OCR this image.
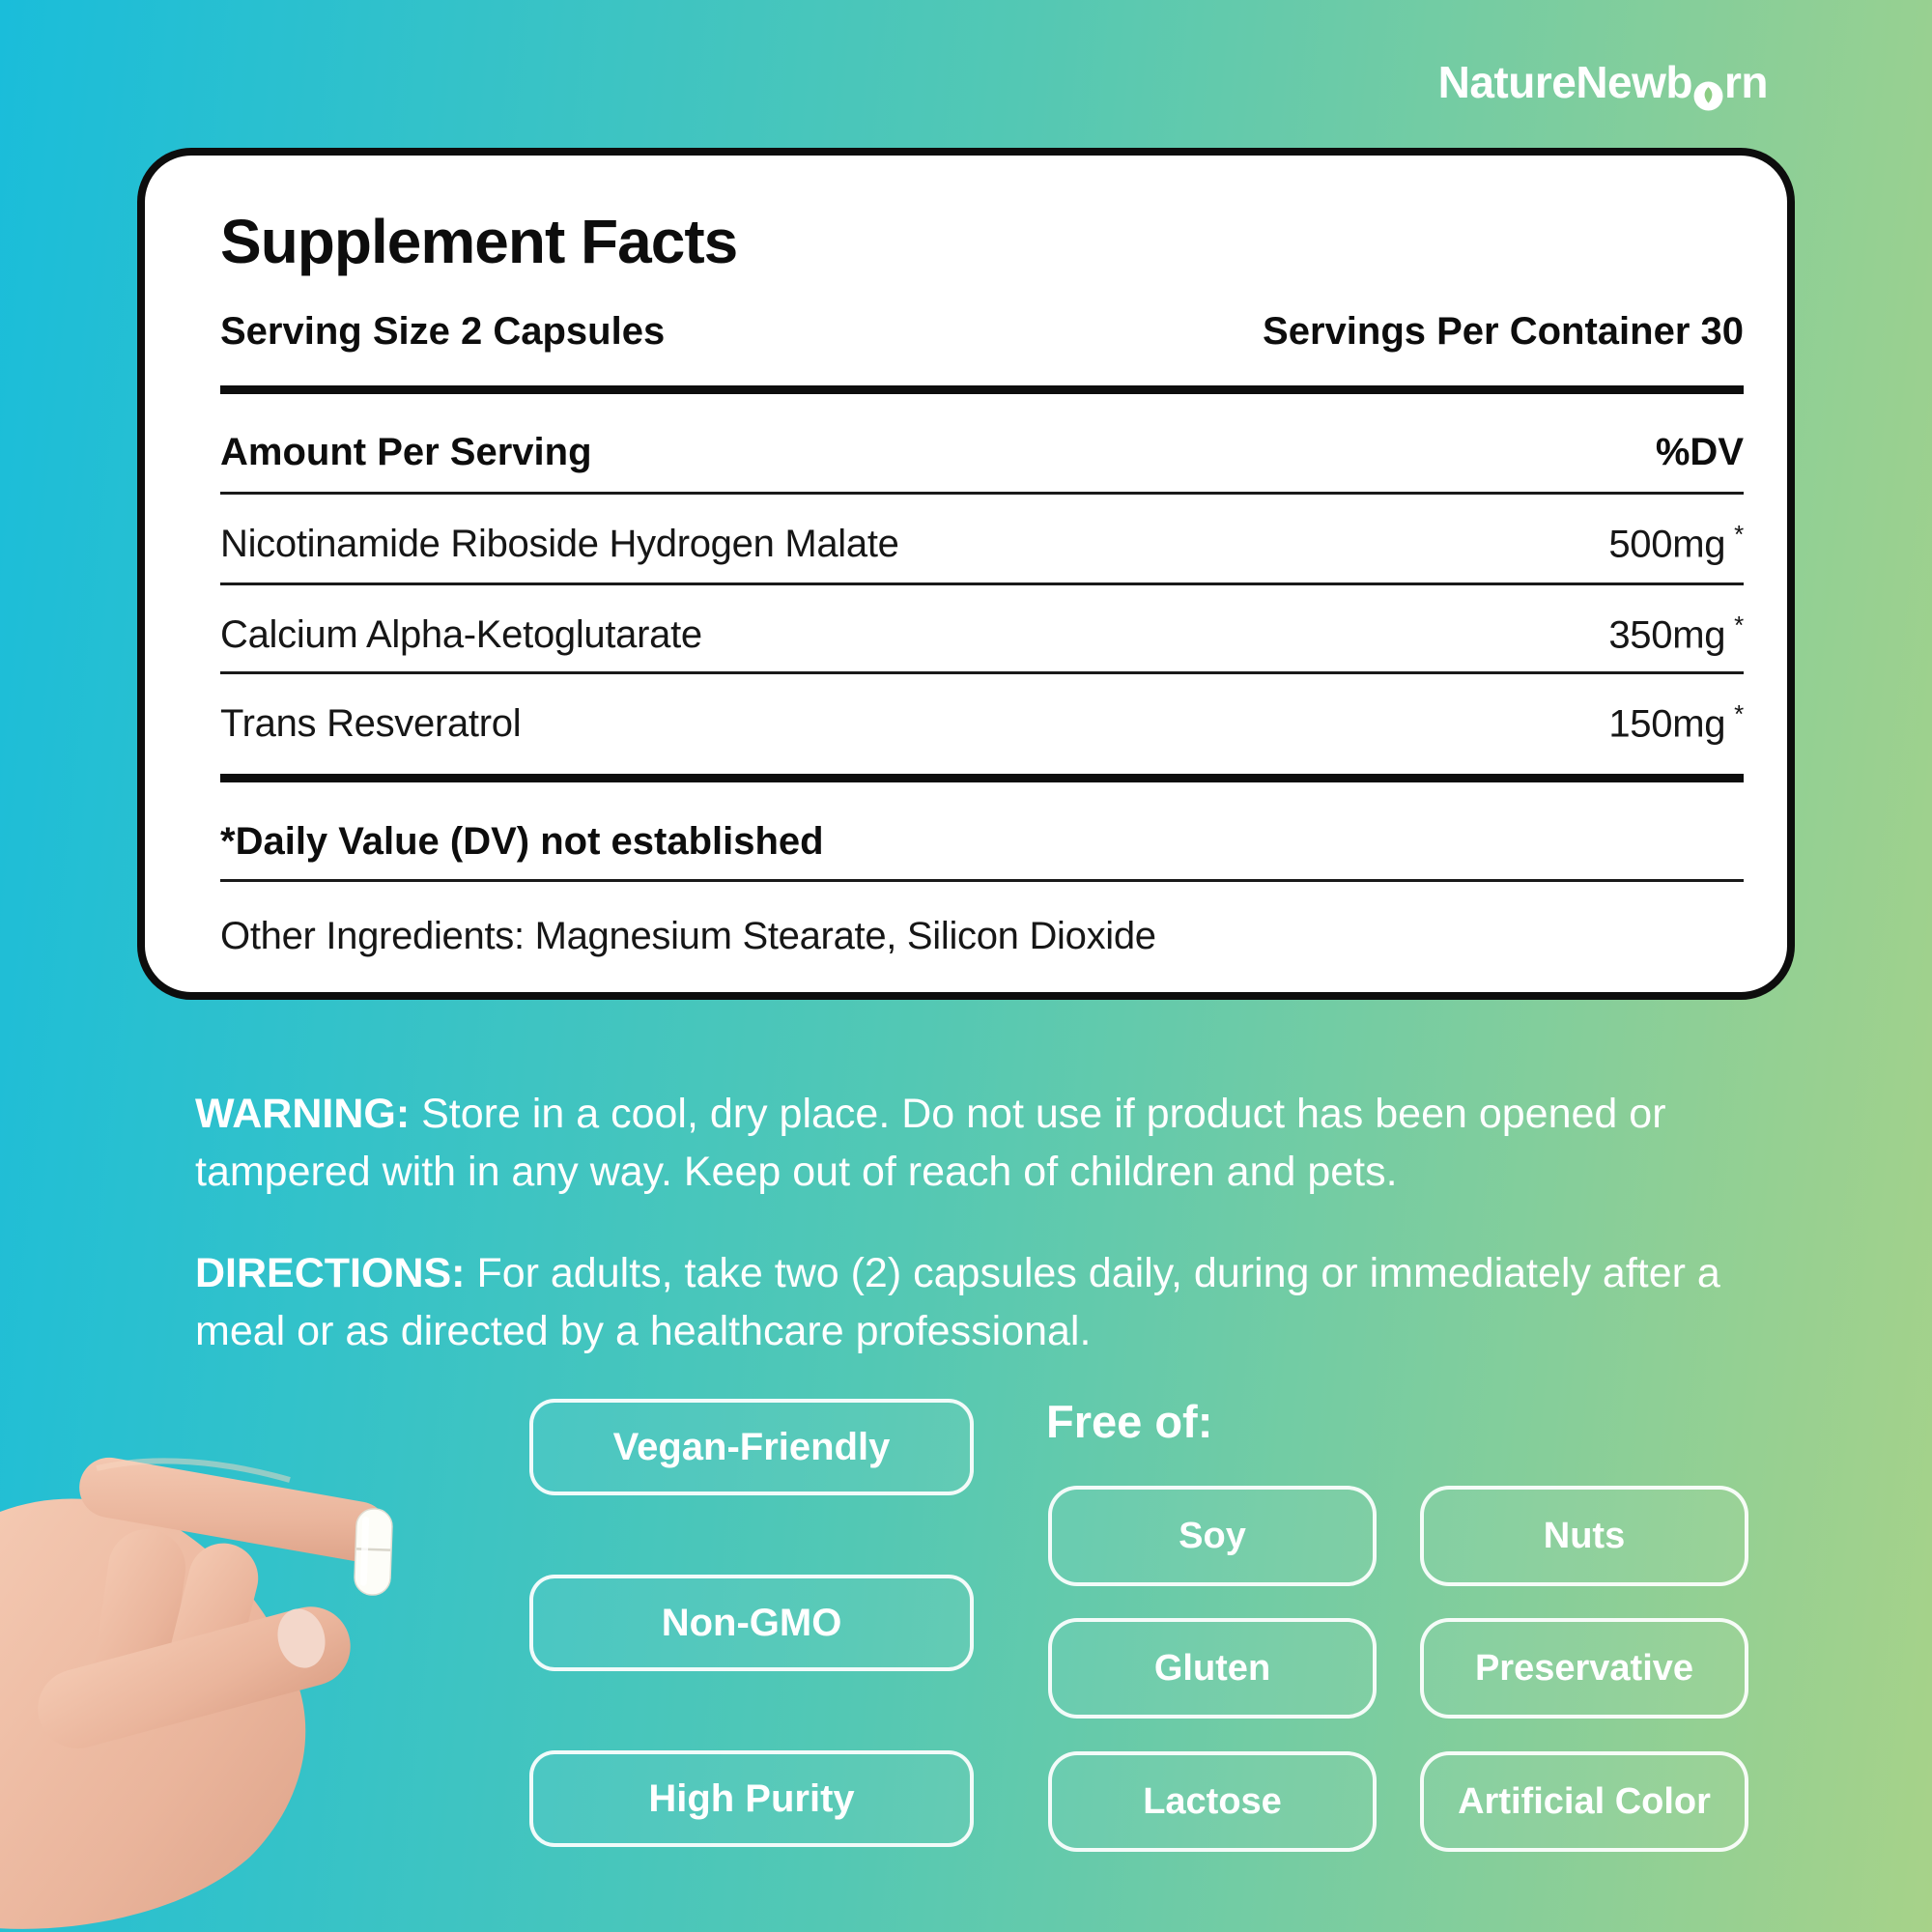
NatureNewb rn
Supplement Facts
Serving Size 2 Capsules	Servings Per Container 30
Amount Per Serving	%DV
Nicotinamide Riboside Hydrogen Malate	500mg *
Calcium Alpha-Ketoglutarate	350mg *
Trans Resveratrol	150mg *
*Daily Value (DV) not established
Other Ingredients: Magnesium Stearate, Silicon Dioxide

WARNING: Store in a cool, dry place. Do not use if product has been opened or tampered with in any way. Keep out of reach of children and pets.

DIRECTIONS: For adults, take two (2) capsules daily, during or immediately after a meal or as directed by a healthcare professional.

Vegan-Friendly
Non-GMO
High Purity
Free of:
Soy	Nuts
Gluten	Preservative
Lactose	Artificial Color
